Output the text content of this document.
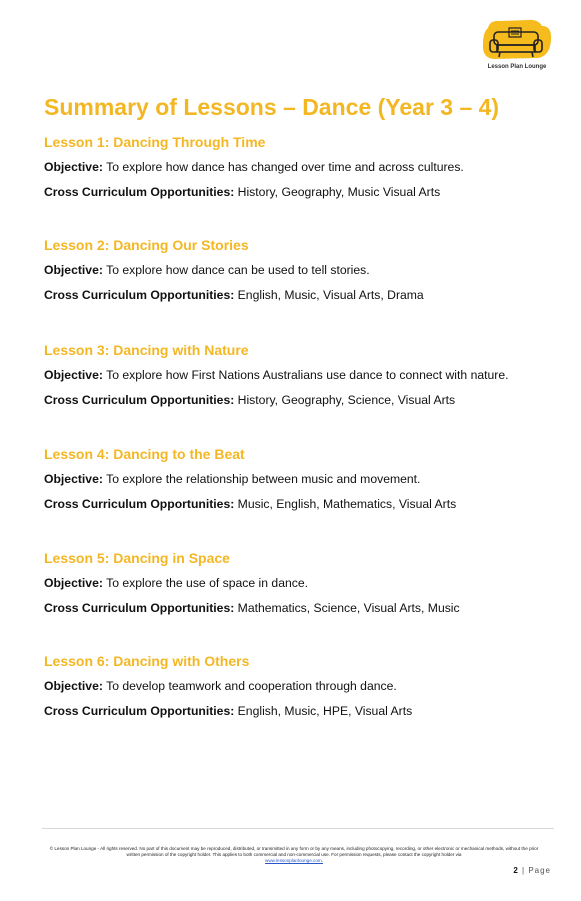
Lesson Plan Lounge
Summary of Lessons – Dance (Year 3 – 4)
Lesson 1: Dancing Through Time
Objective: To explore how dance has changed over time and across cultures.
Cross Curriculum Opportunities: History, Geography, Music Visual Arts
Lesson 2: Dancing Our Stories
Objective: To explore how dance can be used to tell stories.
Cross Curriculum Opportunities: English, Music, Visual Arts, Drama
Lesson 3: Dancing with Nature
Objective: To explore how First Nations Australians use dance to connect with nature.
Cross Curriculum Opportunities: History, Geography, Science, Visual Arts
Lesson 4: Dancing to the Beat
Objective: To explore the relationship between music and movement.
Cross Curriculum Opportunities: Music, English, Mathematics, Visual Arts
Lesson 5: Dancing in Space
Objective: To explore the use of space in dance.
Cross Curriculum Opportunities: Mathematics, Science, Visual Arts, Music
Lesson 6: Dancing with Others
Objective: To develop teamwork and cooperation through dance.
Cross Curriculum Opportunities: English, Music, HPE, Visual Arts
© Lesson Plan Lounge - All rights reserved. No part of this document may be reproduced, distributed, or transmitted in any form or by any means, including photocopying, recording, or other electronic or mechanical methods, without the prior written permission of the copyright holder. This applies to both commercial and non-commercial use. For permission requests, please contact the copyright holder via
www.lessonplanlounge.com.
2 | Page
